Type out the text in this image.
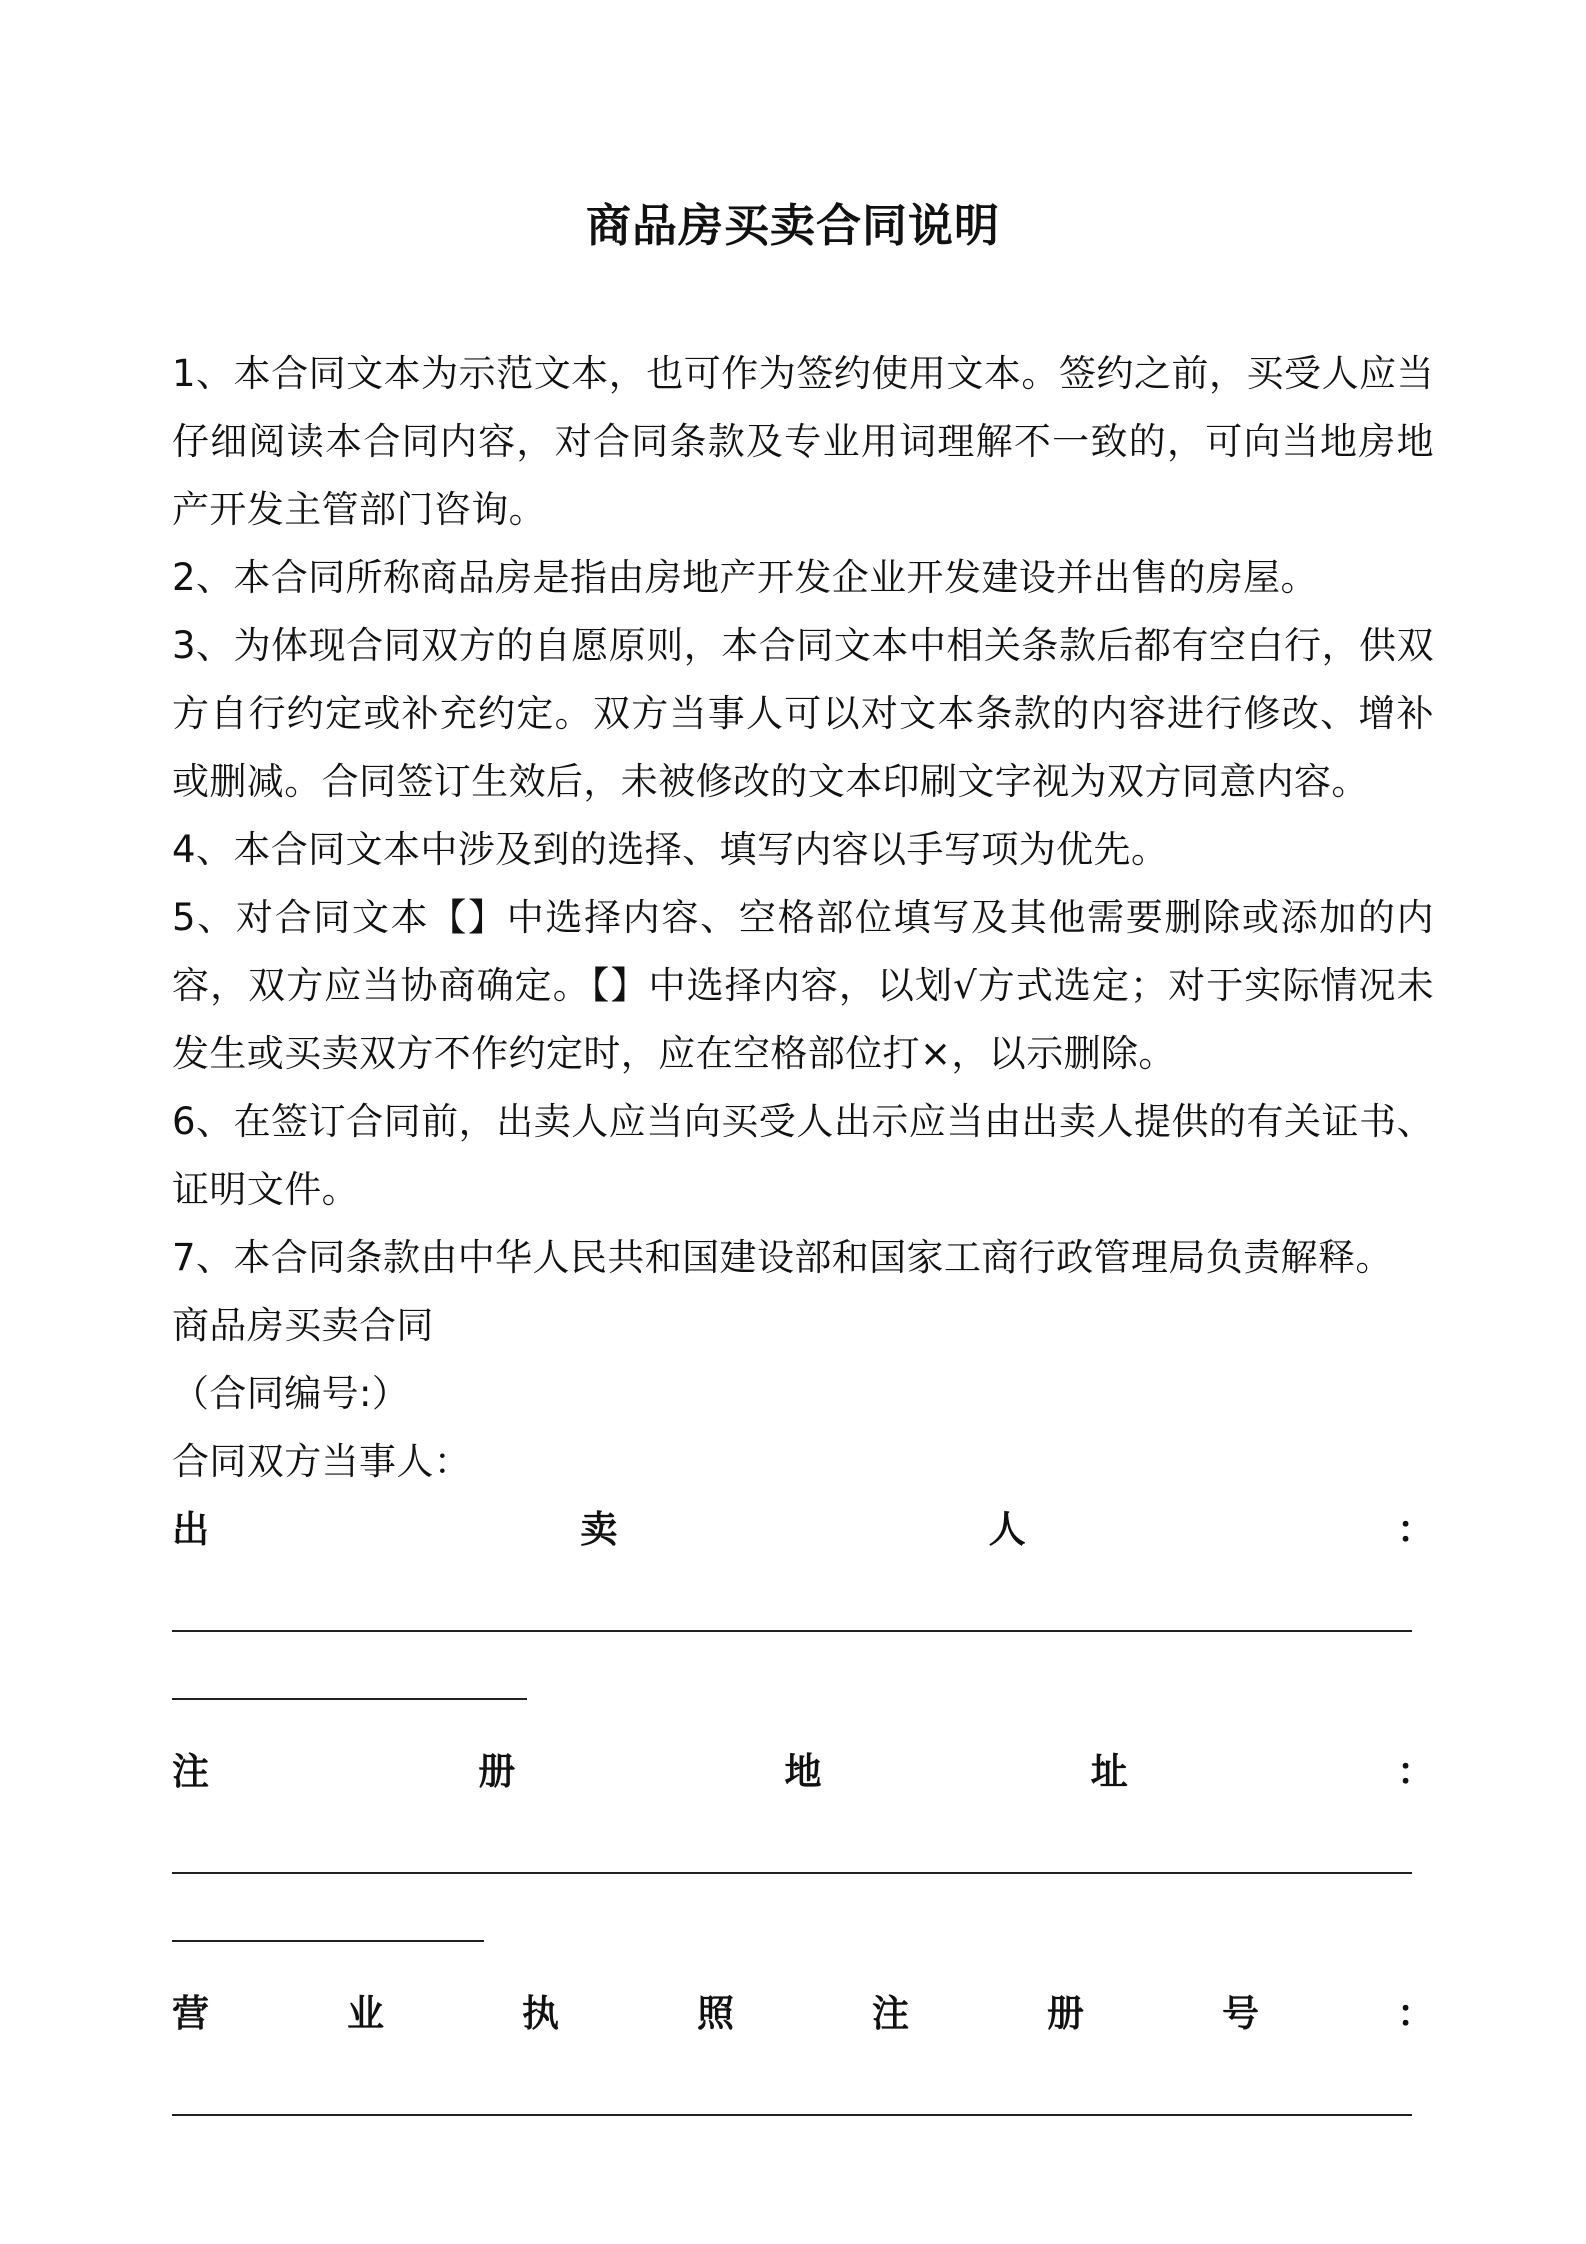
商品房买卖合同说明

1、本合同文本为示范文本，也可作为签约使用文本。签约之前，买受人应当仔细阅读本合同内容，对合同条款及专业用词理解不一致的，可向当地房地产开发主管部门咨询。

2、本合同所称商品房是指由房地产开发企业开发建设并出售的房屋。

3、为体现合同双方的自愿原则，本合同文本中相关条款后都有空白行，供双方自行约定或补充约定。双方当事人可以对文本条款的内容进行修改、增补或删减。合同签订生效后，未被修改的文本印刷文字视为双方同意内容。

4、本合同文本中涉及到的选择、填写内容以手写项为优先。

5、对合同文本【】中选择内容、空格部位填写及其他需要删除或添加的内容，双方应当协商确定。【】中选择内容，以划√方式选定；对于实际情况未发生或买卖双方不作约定时，应在空格部位打×，以示删除。

6、在签订合同前，出卖人应当向买受人出示应当由出卖人提供的有关证书、证明文件。

7、本合同条款由中华人民共和国建设部和国家工商行政管理局负责解释。

商品房买卖合同

（合同编号:）

合同双方当事人：

出	卖	人	：
注	册	地	址	：
营	业	执	照	注	册	号	：
